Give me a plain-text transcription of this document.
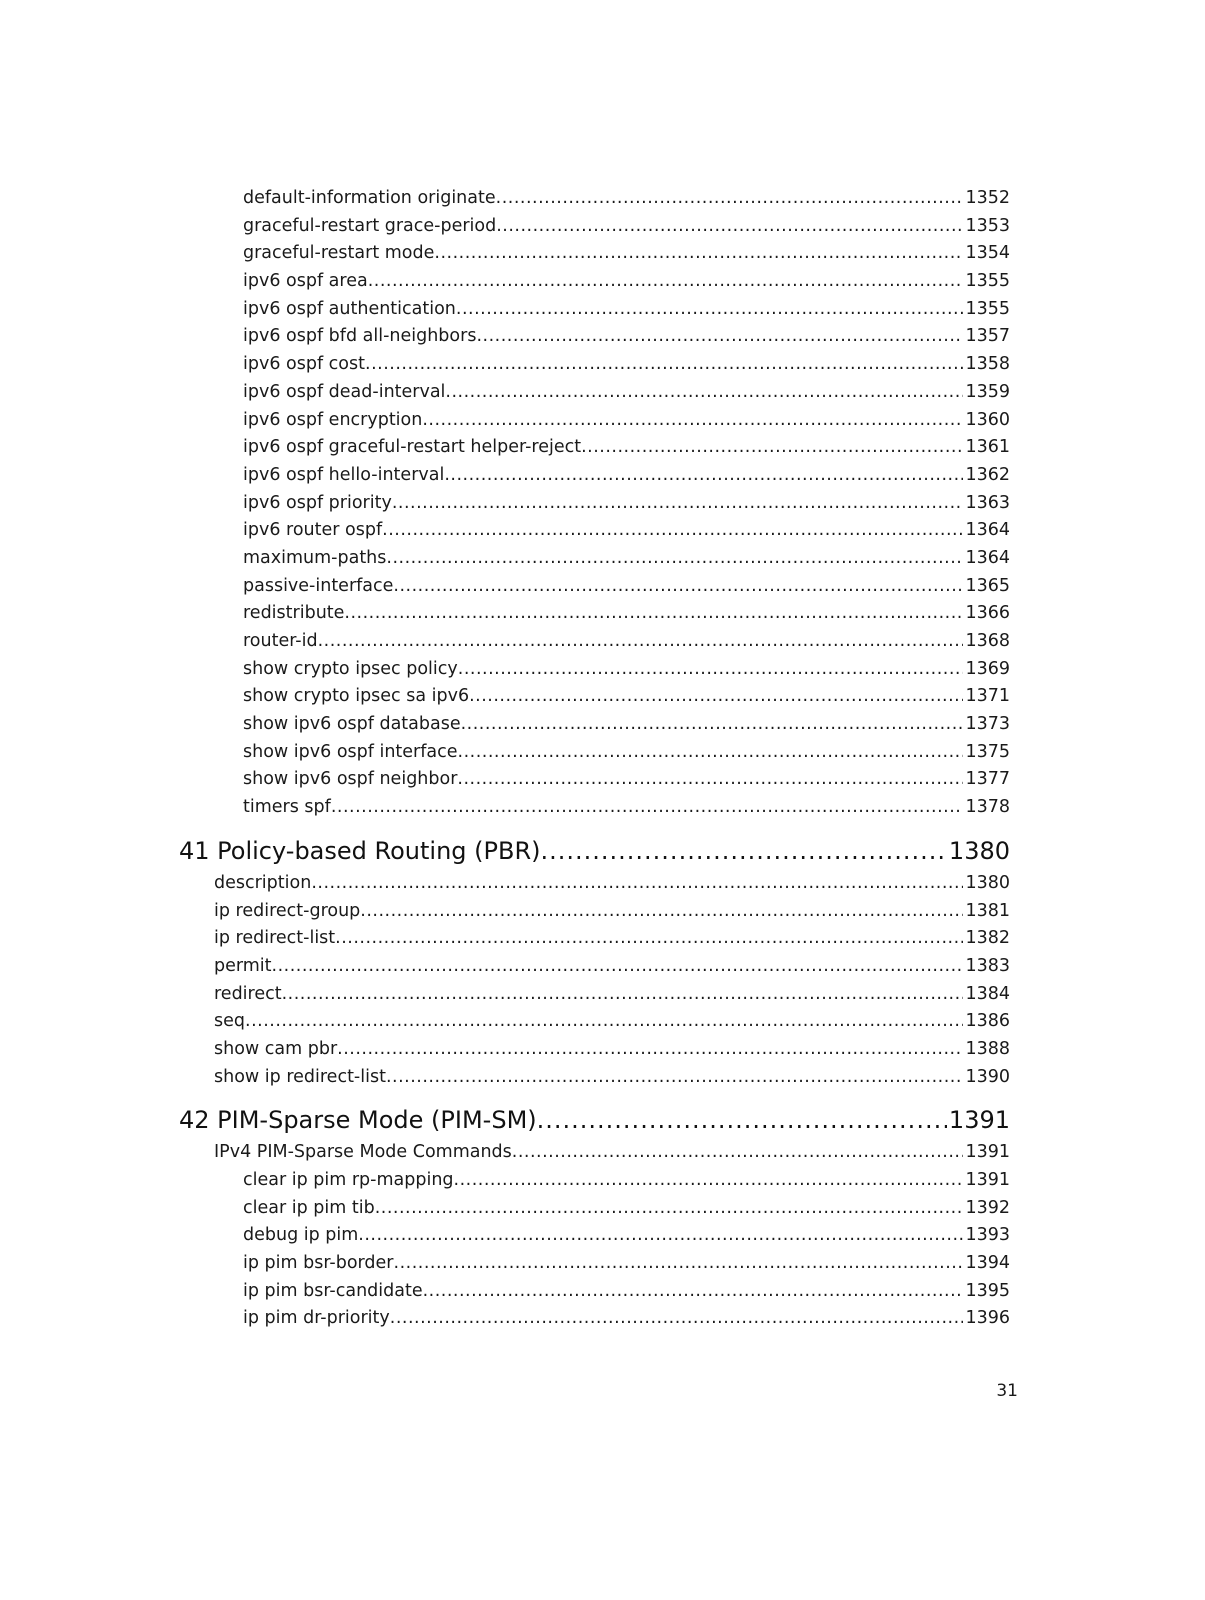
default-information originate .....	1352
graceful-restart grace-period .....	1353
graceful-restart mode .....	1354
ipv6 ospf area .....	1355
ipv6 ospf authentication .....	1355
ipv6 ospf bfd all-neighbors .....	1357
ipv6 ospf cost .....	1358
ipv6 ospf dead-interval .....	1359
ipv6 ospf encryption .....	1360
ipv6 ospf graceful-restart helper-reject .....	1361
ipv6 ospf hello-interval .....	1362
ipv6 ospf priority .....	1363
ipv6 router ospf .....	1364
maximum-paths .....	1364
passive-interface .....	1365
redistribute .....	1366
router-id .....	1368
show crypto ipsec policy .....	1369
show crypto ipsec sa ipv6 .....	1371
show ipv6 ospf database .....	1373
show ipv6 ospf interface .....	1375
show ipv6 ospf neighbor .....	1377
timers spf .....	1378
41 Policy-based Routing (PBR) .....	1380
description .....	1380
ip redirect-group .....	1381
ip redirect-list .....	1382
permit .....	1383
redirect .....	1384
seq .....	1386
show cam pbr .....	1388
show ip redirect-list .....	1390
42 PIM-Sparse Mode (PIM-SM) .....	1391
IPv4 PIM-Sparse Mode Commands .....	1391
clear ip pim rp-mapping .....	1391
clear ip pim tib .....	1392
debug ip pim .....	1393
ip pim bsr-border .....	1394
ip pim bsr-candidate .....	1395
ip pim dr-priority .....	1396
31
